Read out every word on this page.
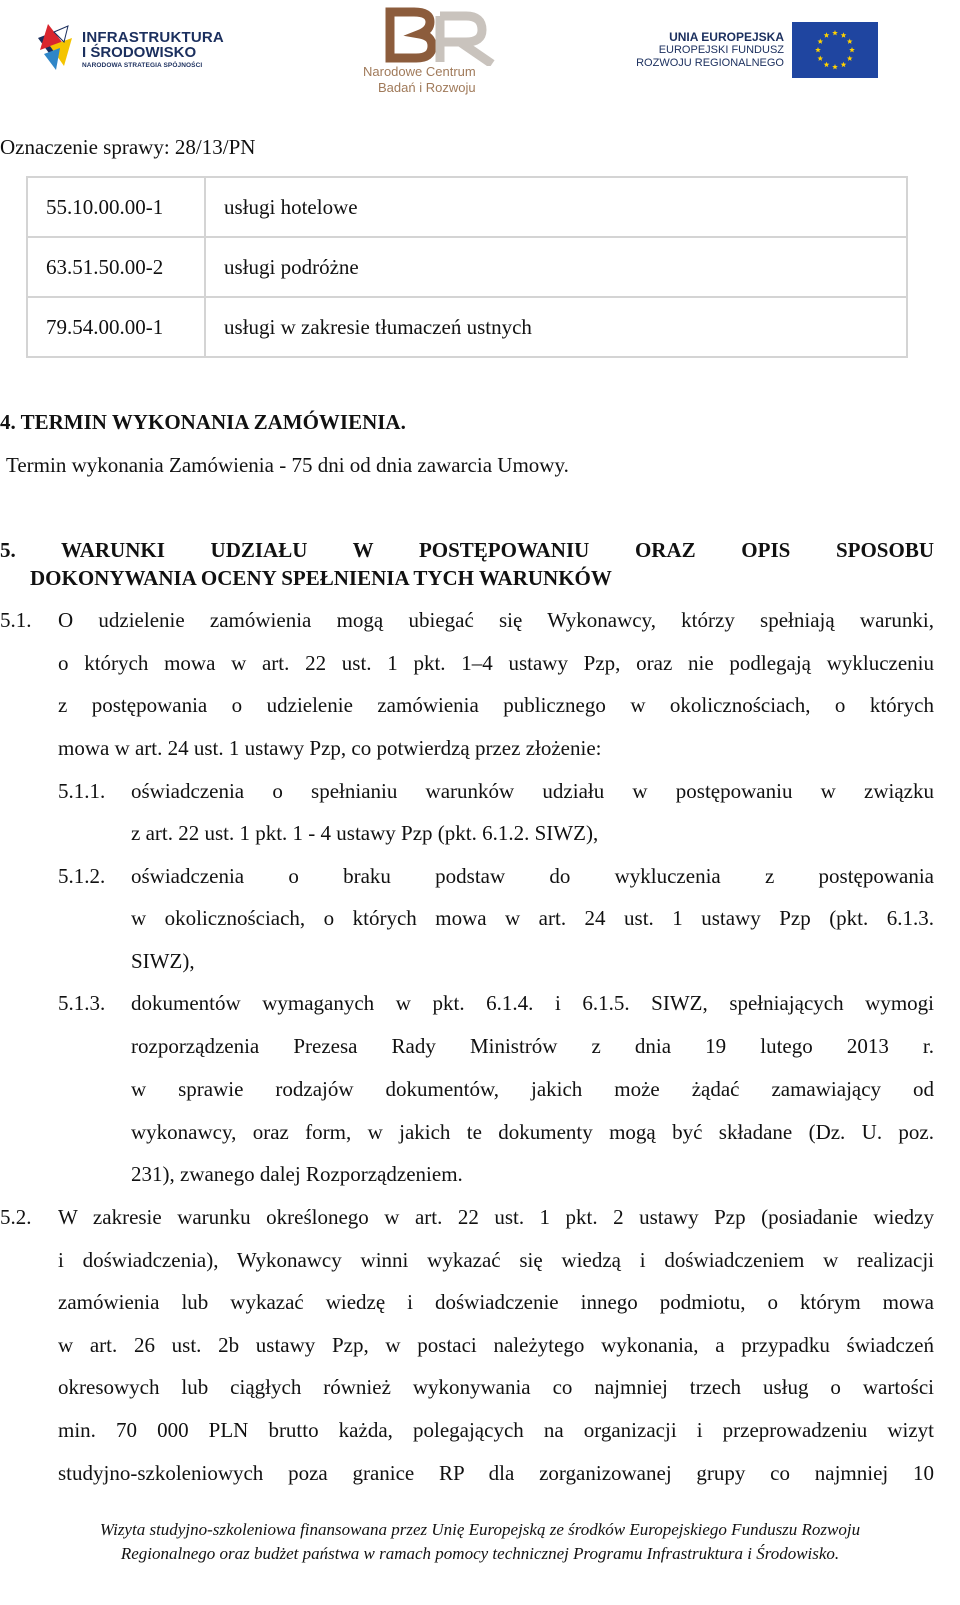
INFRASTRUKTURA
I ŚRODOWISKO
NARODOWA STRATEGIA SPÓJNOŚCI	Narodowe Centrum
Badań i Rozwoju
UNIA EUROPEJSKA
EUROPEJSKI FUNDUSZ
ROZWOJU REGIONALNEGO
Oznaczenie sprawy: 28/13/PN
55.10.00.00-1	usługi hotelowe
63.51.50.00-2	usługi podróżne
79.54.00.00-1	usługi w zakresie tłumaczeń ustnych
4. TERMIN WYKONANIA ZAMÓWIENIA.
Termin wykonania Zamówienia - 75 dni od dnia zawarcia Umowy.
5. WARUNKI UDZIAŁU W POSTĘPOWANIU ORAZ OPIS SPOSOBU
DOKONYWANIA OCENY SPEŁNIENIA TYCH WARUNKÓW
5.1. O udzielenie zamówienia mogą ubiegać się Wykonawcy, którzy spełniają warunki,
o których mowa w art. 22 ust. 1 pkt. 1–4 ustawy Pzp, oraz nie podlegają wykluczeniu
z postępowania o udzielenie zamówienia publicznego w okolicznościach, o których
mowa w art. 24 ust. 1 ustawy Pzp, co potwierdzą przez złożenie:
5.1.1. oświadczenia o spełnianiu warunków udziału w postępowaniu w związku
z art. 22 ust. 1 pkt. 1 - 4 ustawy Pzp (pkt. 6.1.2. SIWZ),
5.1.2. oświadczenia o braku podstaw do wykluczenia z postępowania
w okolicznościach, o których mowa w art. 24 ust. 1 ustawy Pzp (pkt. 6.1.3.
SIWZ),
5.1.3. dokumentów wymaganych w pkt. 6.1.4. i 6.1.5. SIWZ, spełniających wymogi
rozporządzenia Prezesa Rady Ministrów z dnia 19 lutego 2013 r.
w sprawie rodzajów dokumentów, jakich może żądać zamawiający od
wykonawcy, oraz form, w jakich te dokumenty mogą być składane (Dz. U. poz.
231), zwanego dalej Rozporządzeniem.
5.2. W zakresie warunku określonego w art. 22 ust. 1 pkt. 2 ustawy Pzp (posiadanie wiedzy
i doświadczenia), Wykonawcy winni wykazać się wiedzą i doświadczeniem w realizacji
zamówienia lub wykazać wiedzę i doświadczenie innego podmiotu, o którym mowa
w art. 26 ust. 2b ustawy Pzp, w postaci należytego wykonania, a przypadku świadczeń
okresowych lub ciągłych również wykonywania co najmniej trzech usług o wartości
min. 70 000 PLN brutto każda, polegających na organizacji i przeprowadzeniu wizyt
studyjno-szkoleniowych poza granice RP dla zorganizowanej grupy co najmniej 10
Wizyta studyjno-szkoleniowa finansowana przez Unię Europejską ze środków Europejskiego Funduszu Rozwoju
Regionalnego oraz budżet państwa w ramach pomocy technicznej Programu Infrastruktura i Środowisko.
